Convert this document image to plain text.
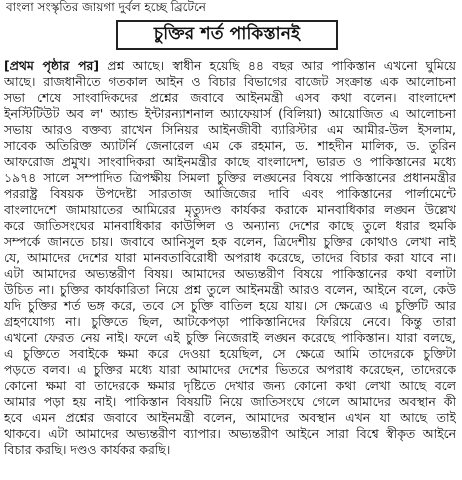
বাংলা সংস্কৃতির জায়গা দুর্বল হচ্ছে ব্রিটেনে
চুক্তির শর্ত পাকিস্তানই
[প্রথম পৃষ্ঠার পর] প্রশ্ন আছে। স্বাধীন হয়েছি ৪৪ বছর আর পাকিস্তান এখনো ঘুমিয়ে
আছে। রাজধানীতে গতকাল আইন ও বিচার বিভাগের বাজেট সংক্রান্ত এক আলোচনা
সভা শেষে সাংবাদিকদের প্রশ্নের জবাবে আইনমন্ত্রী এসব কথা বলেন। বাংলাদেশ
ইনস্টিটিউট অব ল' অ্যান্ড ইন্টারন্যাশনাল অ্যাফেয়ার্স (বিলিয়া) আয়োজিত এ আলোচনা
সভায় আরও বক্তব্য রাখেন সিনিয়র আইনজীবী ব্যারিস্টার এম আমীর-উল ইসলাম,
সাবেক অতিরিক্ত অ্যাটর্নি জেনারেল এম কে রহমান, ড. শাহদীন মালিক, ড. তুরিন
আফরোজ প্রমুখ। সাংবাদিকরা আইনমন্ত্রীর কাছে বাংলাদেশ, ভারত ও পাকিস্তানের মধ্যে
১৯৭৪ সালে সম্পাদিত ত্রিপক্ষীয় সিমলা চুক্তির লঙ্ঘনের বিষয়ে পাকিস্তানের প্রধানমন্ত্রীর
পররাষ্ট্র বিষয়ক উপদেষ্টা সারতাজ আজিজের দাবি এবং পাকিস্তানের পার্লামেন্টে
বাংলাদেশে জামায়াতের আমিরের মৃত্যুদণ্ড কার্যকর করাকে মানবাধিকার লঙ্ঘন উল্লেখ
করে জাতিসংঘের মানবাধিকার কাউন্সিল ও অন্যান্য দেশের কাছে তুলে ধরার হুমকি
সম্পর্কে জানতে চায়। জবাবে আনিসুল হক বলেন, ত্রিদেশীয় চুক্তির কোথাও লেখা নাই
যে, আমাদের দেশের যারা মানবতাবিরোধী অপরাধ করেছে, তাদের বিচার করা যাবে না।
এটা আমাদের অভ্যন্তরীণ বিষয়। আমাদের অভ্যন্তরীণ বিষয়ে পাকিস্তানের কথা বলাটা
উচিত না। চুক্তির কার্যকারিতা নিয়ে প্রশ্ন তুলে আইনমন্ত্রী আরও বলেন, আইনে বলে, কেউ
যদি চুক্তির শর্ত ভঙ্গ করে, তবে সে চুক্তি বাতিল হয়ে যায়। সে ক্ষেত্রেও এ চুক্তিটি আর
গ্রহণযোগ্য না। চুক্তিতে ছিল, আটকেপড়া পাকিস্তানিদের ফিরিয়ে নেবে। কিন্তু তারা
এখনো ফেরত নেয় নাই। ফলে এই চুক্তি নিজেরাই লঙ্ঘন করেছে পাকিস্তান। যারা বলছে,
এ চুক্তিতে সবাইকে ক্ষমা করে দেওয়া হয়েছিল, সে ক্ষেত্রে আমি তাদেরকে চুক্তিটা
পড়তে বলব। এ চুক্তির মধ্যে যারা আমাদের দেশের ভিতরে অপরাধ করেছেন, তাদেরকে
কোনো ক্ষমা বা তাদেরকে ক্ষমার দৃষ্টিতে দেখার জন্য কোনো কথা লেখা আছে বলে
আমার পড়া হয় নাই। পাকিস্তান বিষয়টি নিয়ে জাতিসংঘে গেলে আমাদের অবস্থান কী
হবে এমন প্রশ্নের জবাবে আইনমন্ত্রী বলেন, আমাদের অবস্থান এখন যা আছে তাই
থাকবে। এটা আমাদের অভ্যন্তরীণ ব্যাপার। অভ্যন্তরীণ আইনে সারা বিশ্বে স্বীকৃত আইনে
বিচার করছি। দণ্ডও কার্যকর করছি।
